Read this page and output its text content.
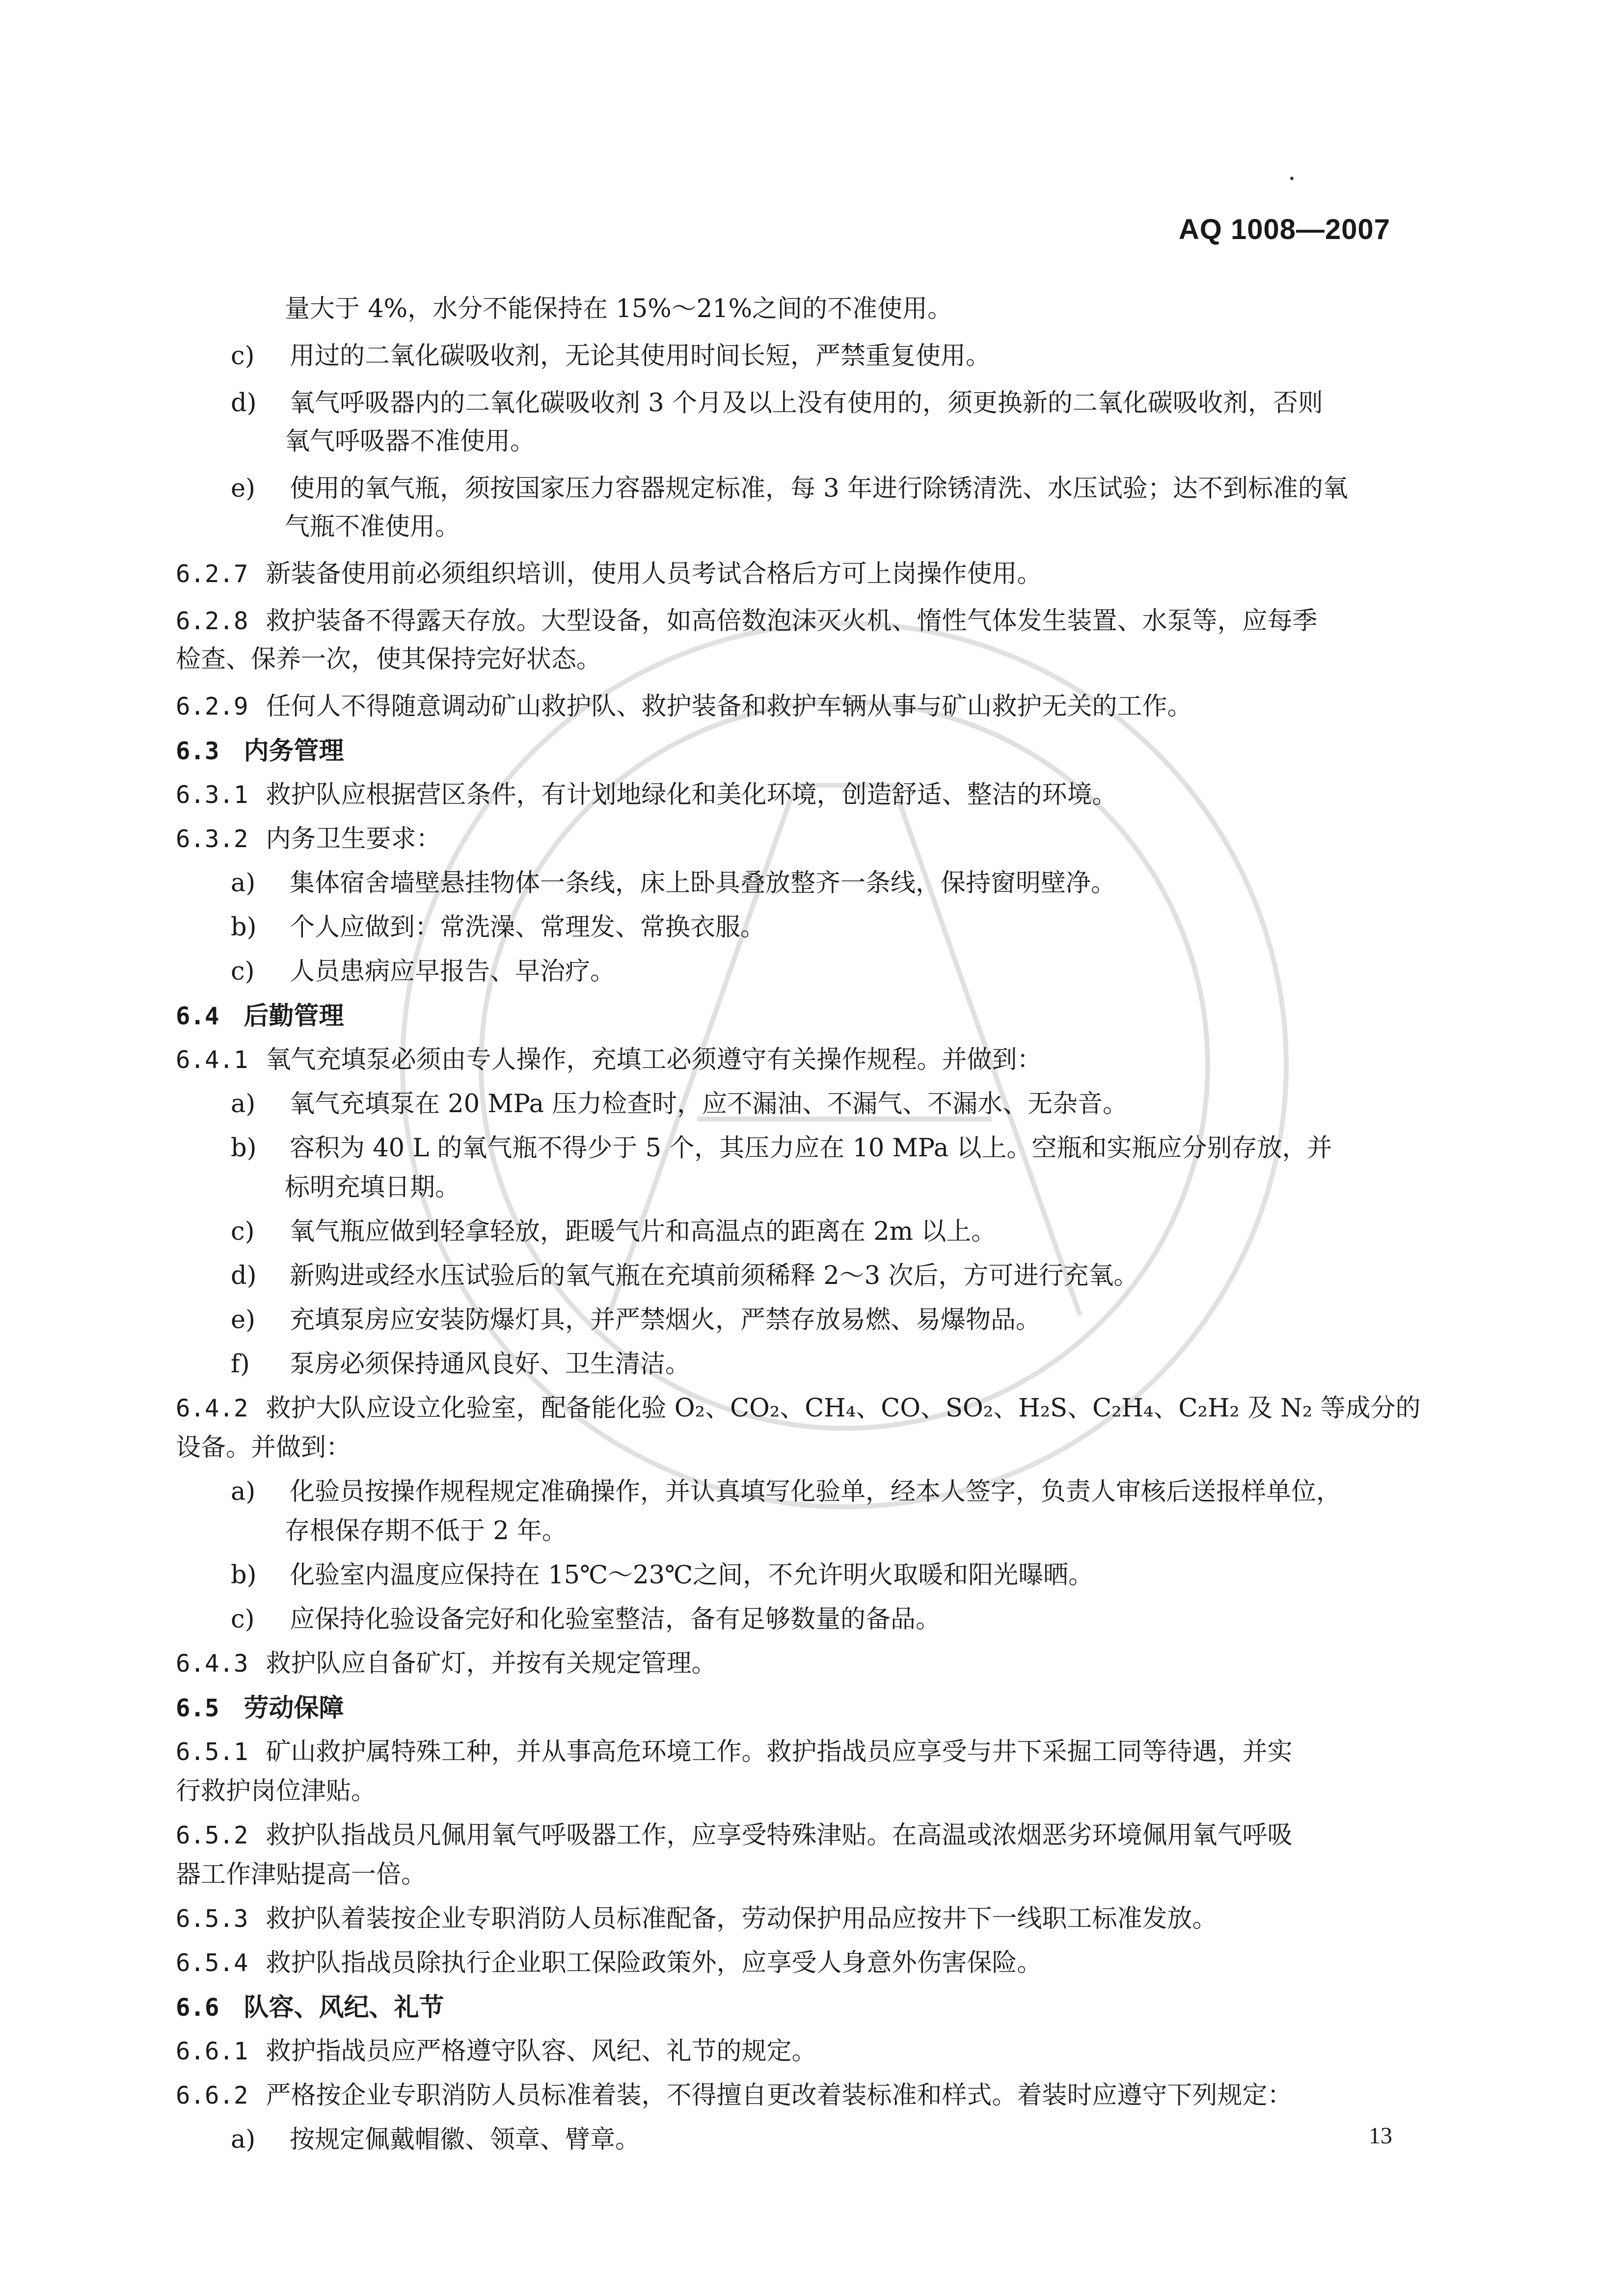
AQ 1008—2007
量大于 4%，水分不能保持在 15%～21%之间的不准使用。
c) 用过的二氧化碳吸收剂，无论其使用时间长短，严禁重复使用。
d) 氧气呼吸器内的二氧化碳吸收剂 3 个月及以上没有使用的，须更换新的二氧化碳吸收剂，否则
氧气呼吸器不准使用。
e) 使用的氧气瓶，须按国家压力容器规定标准，每 3 年进行除锈清洗、水压试验；达不到标准的氧
气瓶不准使用。
6.2.7 新装备使用前必须组织培训，使用人员考试合格后方可上岗操作使用。
6.2.8 救护装备不得露天存放。大型设备，如高倍数泡沫灭火机、惰性气体发生装置、水泵等，应每季
检查、保养一次，使其保持完好状态。
6.2.9 任何人不得随意调动矿山救护队、救护装备和救护车辆从事与矿山救护无关的工作。
6.3 内务管理
6.3.1 救护队应根据营区条件，有计划地绿化和美化环境，创造舒适、整洁的环境。
6.3.2 内务卫生要求：
a) 集体宿舍墙壁悬挂物体一条线，床上卧具叠放整齐一条线，保持窗明壁净。
b) 个人应做到：常洗澡、常理发、常换衣服。
c) 人员患病应早报告、早治疗。
6.4 后勤管理
6.4.1 氧气充填泵必须由专人操作，充填工必须遵守有关操作规程。并做到：
a) 氧气充填泵在 20 MPa 压力检查时，应不漏油、不漏气、不漏水、无杂音。
b) 容积为 40 L 的氧气瓶不得少于 5 个，其压力应在 10 MPa 以上。空瓶和实瓶应分别存放，并
标明充填日期。
c) 氧气瓶应做到轻拿轻放，距暖气片和高温点的距离在 2m 以上。
d) 新购进或经水压试验后的氧气瓶在充填前须稀释 2～3 次后，方可进行充氧。
e) 充填泵房应安装防爆灯具，并严禁烟火，严禁存放易燃、易爆物品。
f) 泵房必须保持通风良好、卫生清洁。
6.4.2 救护大队应设立化验室，配备能化验 O₂、CO₂、CH₄、CO、SO₂、H₂S、C₂H₄、C₂H₂ 及 N₂ 等成分的
设备。并做到：
a) 化验员按操作规程规定准确操作，并认真填写化验单，经本人签字，负责人审核后送报样单位，
存根保存期不低于 2 年。
b) 化验室内温度应保持在 15℃～23℃之间，不允许明火取暖和阳光曝晒。
c) 应保持化验设备完好和化验室整洁，备有足够数量的备品。
6.4.3 救护队应自备矿灯，并按有关规定管理。
6.5 劳动保障
6.5.1 矿山救护属特殊工种，并从事高危环境工作。救护指战员应享受与井下采掘工同等待遇，并实
行救护岗位津贴。
6.5.2 救护队指战员凡佩用氧气呼吸器工作，应享受特殊津贴。在高温或浓烟恶劣环境佩用氧气呼吸
器工作津贴提高一倍。
6.5.3 救护队着装按企业专职消防人员标准配备，劳动保护用品应按井下一线职工标准发放。
6.5.4 救护队指战员除执行企业职工保险政策外，应享受人身意外伤害保险。
6.6 队容、风纪、礼节
6.6.1 救护指战员应严格遵守队容、风纪、礼节的规定。
6.6.2 严格按企业专职消防人员标准着装，不得擅自更改着装标准和样式。着装时应遵守下列规定：
a) 按规定佩戴帽徽、领章、臂章。	13
